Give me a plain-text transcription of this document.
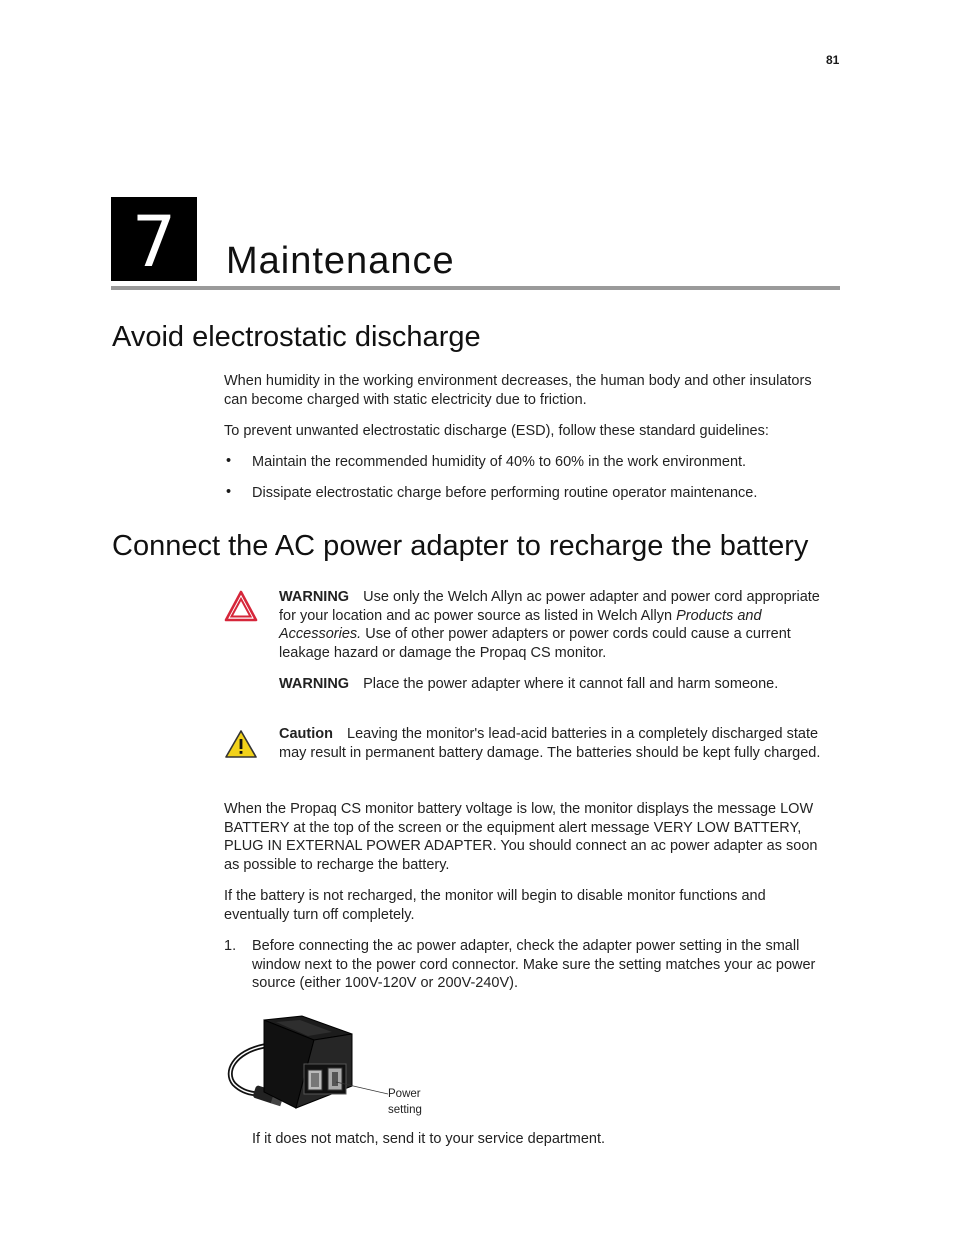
81
7	Maintenance
Avoid electrostatic discharge
When humidity in the working environment decreases, the human body and other insulators can become charged with static electricity due to friction.
To prevent unwanted electrostatic discharge (ESD), follow these standard guidelines:
• Maintain the recommended humidity of 40% to 60% in the work environment.
• Dissipate electrostatic charge before performing routine operator maintenance.
Connect the AC power adapter to recharge the battery
WARNING Use only the Welch Allyn ac power adapter and power cord appropriate for your location and ac power source as listed in Welch Allyn Products and Accessories. Use of other power adapters or power cords could cause a current leakage hazard or damage the Propaq CS monitor.
WARNING Place the power adapter where it cannot fall and harm someone.
Caution Leaving the monitor's lead-acid batteries in a completely discharged state may result in permanent battery damage. The batteries should be kept fully charged.
When the Propaq CS monitor battery voltage is low, the monitor displays the message LOW BATTERY at the top of the screen or the equipment alert message VERY LOW BATTERY, PLUG IN EXTERNAL POWER ADAPTER. You should connect an ac power adapter as soon as possible to recharge the battery.
If the battery is not recharged, the monitor will begin to disable monitor functions and eventually turn off completely.
1. Before connecting the ac power adapter, check the adapter power setting in the small window next to the power cord connector. Make sure the setting matches your ac power source (either 100V-120V or 200V-240V).
Power
setting
If it does not match, send it to your service department.
